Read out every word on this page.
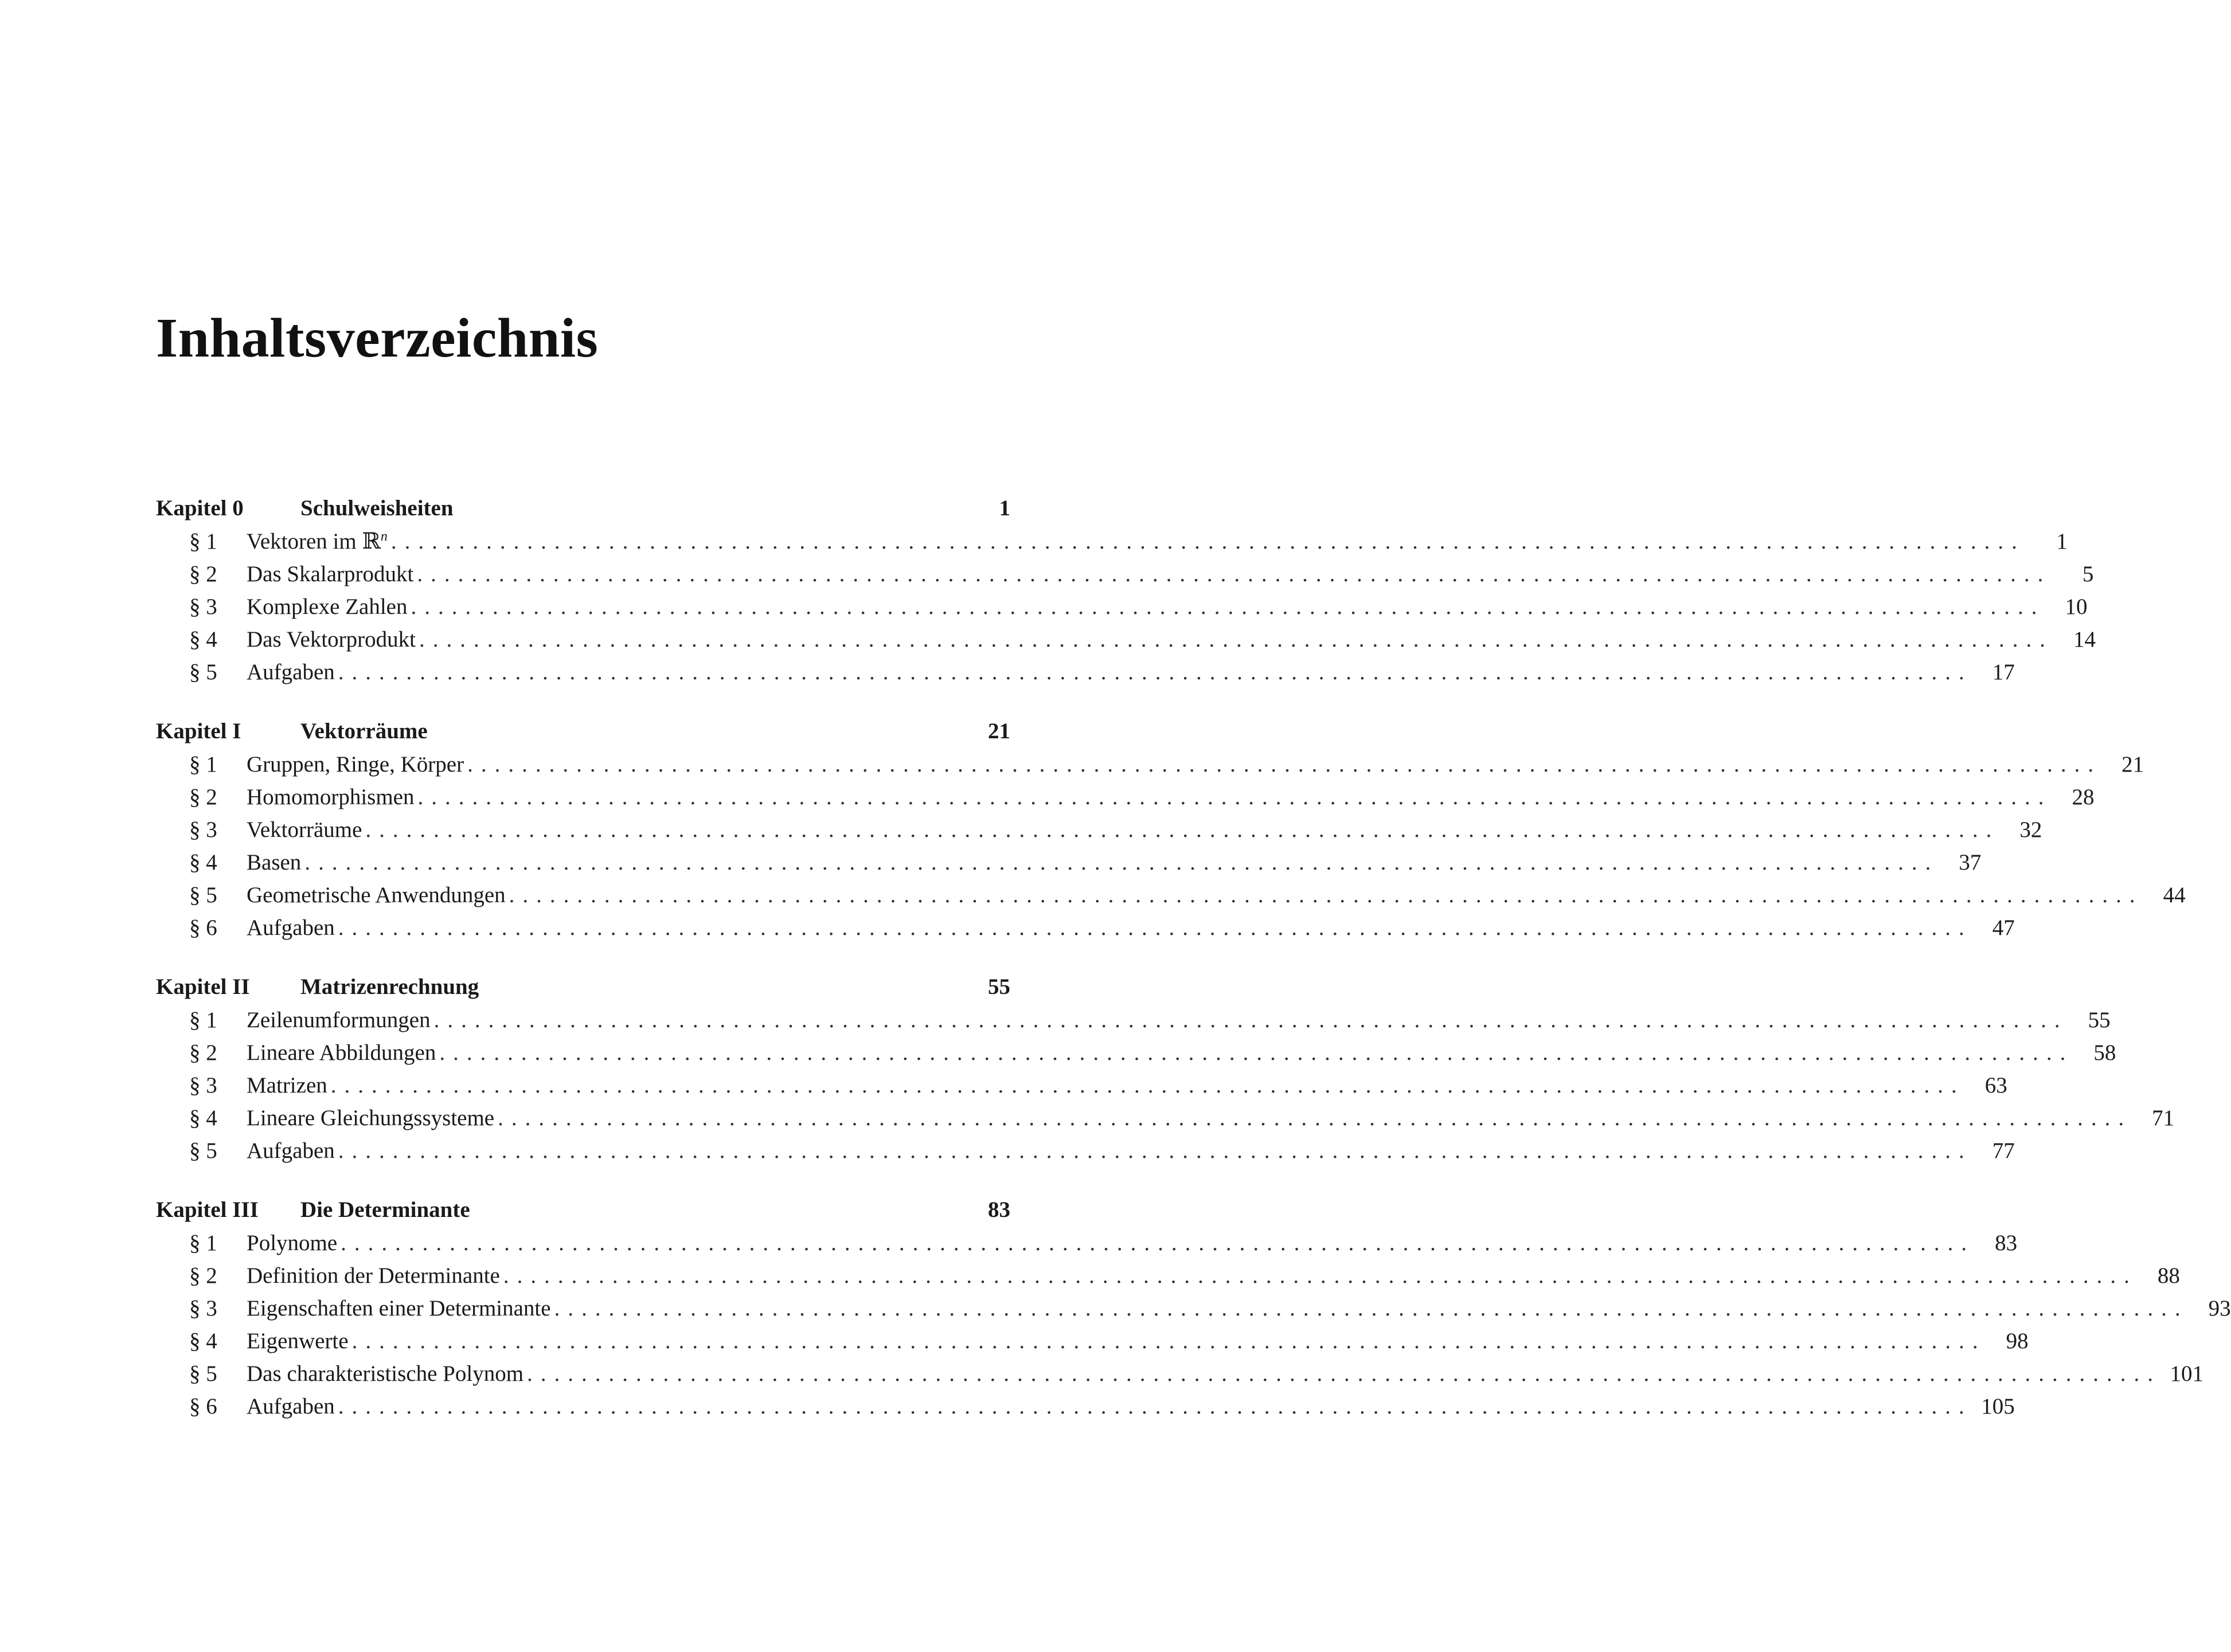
Inhaltsverzeichnis
Kapitel 0	Schulweisheiten	1
§ 1	Vektoren im ℝ$^n$ ........................................................................................................................	1
§ 2	Das Skalarprodukt ........................................................................................................................	5
§ 3	Komplexe Zahlen ........................................................................................................................ 10
§ 4	Das Vektorprodukt ........................................................................................................................ 14
§ 5	Aufgaben ........................................................................................................................ 17
Kapitel I	Vektorräume	21
§ 1	Gruppen, Ringe, Körper ........................................................................................................................ 21
§ 2	Homomorphismen ........................................................................................................................ 28
§ 3	Vektorräume ........................................................................................................................ 32
§ 4	Basen ........................................................................................................................ 37
§ 5	Geometrische Anwendungen ........................................................................................................................ 44
§ 6	Aufgaben ........................................................................................................................ 47
Kapitel II	Matrizenrechnung	55
§ 1	Zeilenumformungen ........................................................................................................................ 55
§ 2	Lineare Abbildungen ........................................................................................................................ 58
§ 3	Matrizen ........................................................................................................................ 63
§ 4	Lineare Gleichungssysteme ........................................................................................................................ 71
§ 5	Aufgaben ........................................................................................................................ 77
Kapitel III	Die Determinante	83
§ 1	Polynome ........................................................................................................................ 83
§ 2	Definition der Determinante ........................................................................................................................ 88
§ 3	Eigenschaften einer Determinante ........................................................................................................................ 93
§ 4	Eigenwerte ........................................................................................................................ 98
§ 5	Das charakteristische Polynom ........................................................................................................................ 101
§ 6	Aufgaben ........................................................................................................................ 105
